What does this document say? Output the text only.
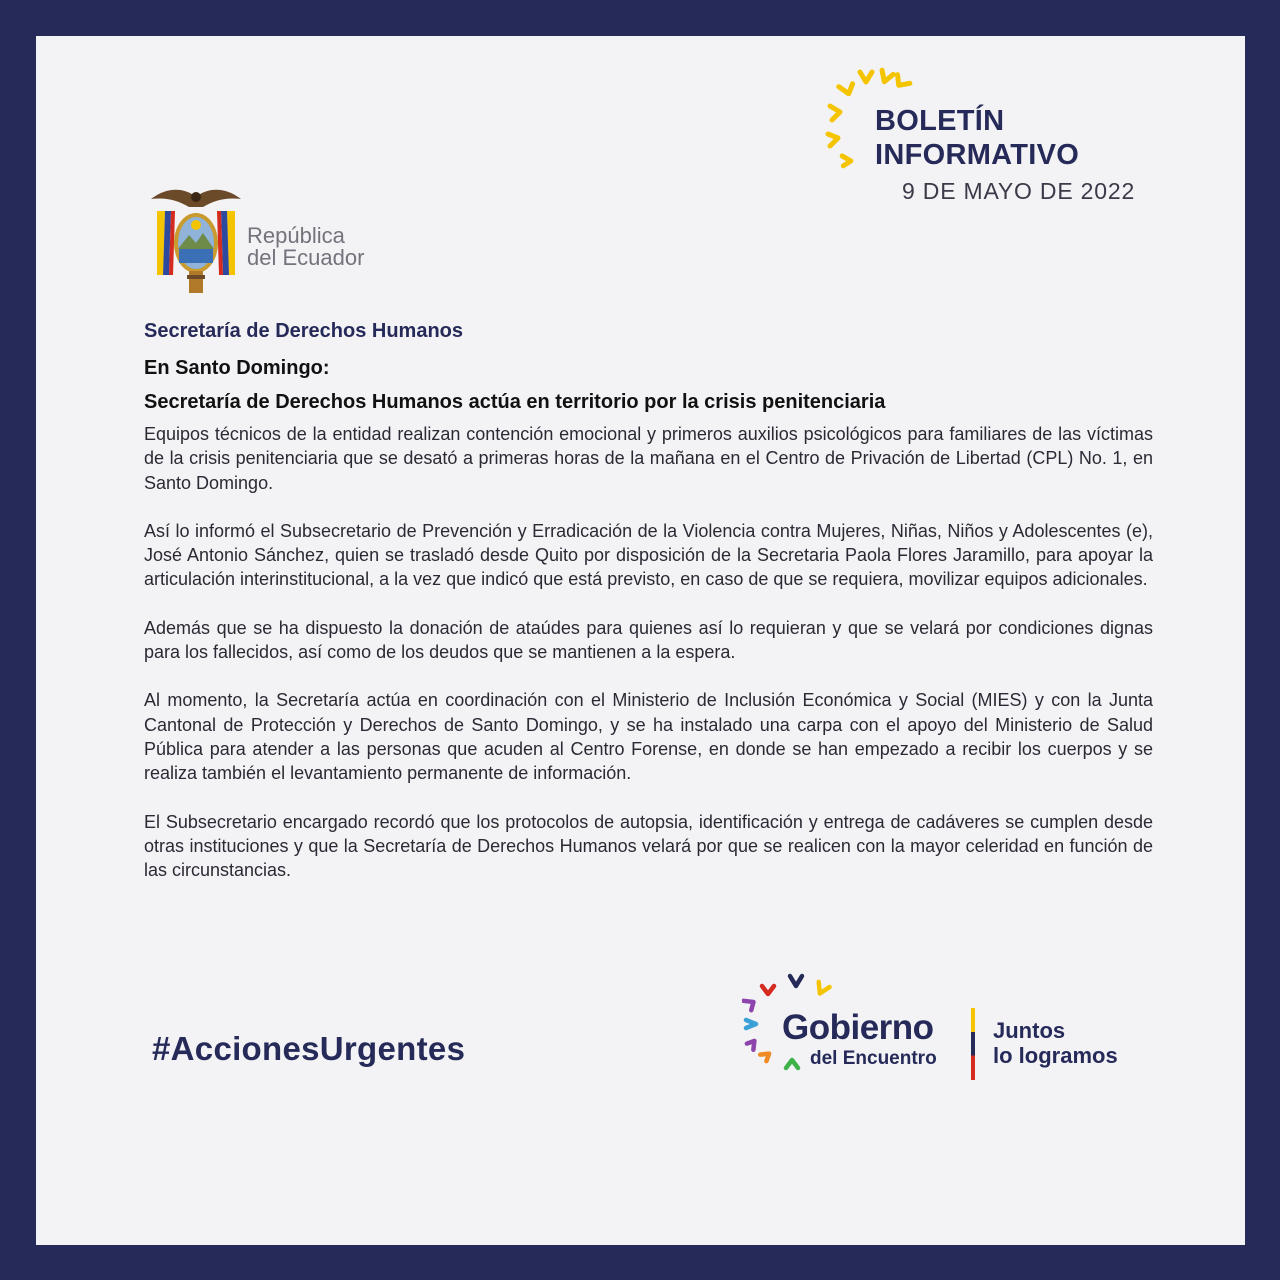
BOLETÍN
INFORMATIVO
9 DE MAYO DE 2022
República
del Ecuador
Secretaría de Derechos Humanos
En Santo Domingo:
Secretaría de Derechos Humanos actúa en territorio por la crisis penitenciaria

Equipos técnicos de la entidad realizan contención emocional y primeros auxilios psicológicos para familiares de las víctimas de la crisis penitenciaria que se desató a primeras horas de la mañana en el Centro de Privación de Libertad (CPL) No. 1, en Santo Domingo.

Así lo informó el Subsecretario de Prevención y Erradicación de la Violencia contra Mujeres, Niñas, Niños y Adolescentes (e), José Antonio Sánchez, quien se trasladó desde Quito por disposición de la Secretaria Paola Flores Jaramillo, para apoyar la articulación interinstitucional, a la vez que indicó que está previsto, en caso de que se requiera, movilizar equipos adicionales.

Además que se ha dispuesto la donación de ataúdes para quienes así lo requieran y que se velará por condiciones dignas para los fallecidos, así como de los deudos que se mantienen a la espera.

Al momento, la Secretaría actúa en coordinación con el Ministerio de Inclusión Económica y Social (MIES) y con la Junta Cantonal de Protección y Derechos de Santo Domingo, y se ha instalado una carpa con el apoyo del Ministerio de Salud Pública para atender a las personas que acuden al Centro Forense, en donde se han empezado a recibir los cuerpos y se realiza también el levantamiento permanente de información.

El Subsecretario encargado recordó que los protocolos de autopsia, identificación y entrega de cadáveres se cumplen desde otras instituciones y que la Secretaría de Derechos Humanos velará por que se realicen con la mayor celeridad en función de las circunstancias.

#AccionesUrgentes
Gobierno
del Encuentro
Juntos
lo logramos
